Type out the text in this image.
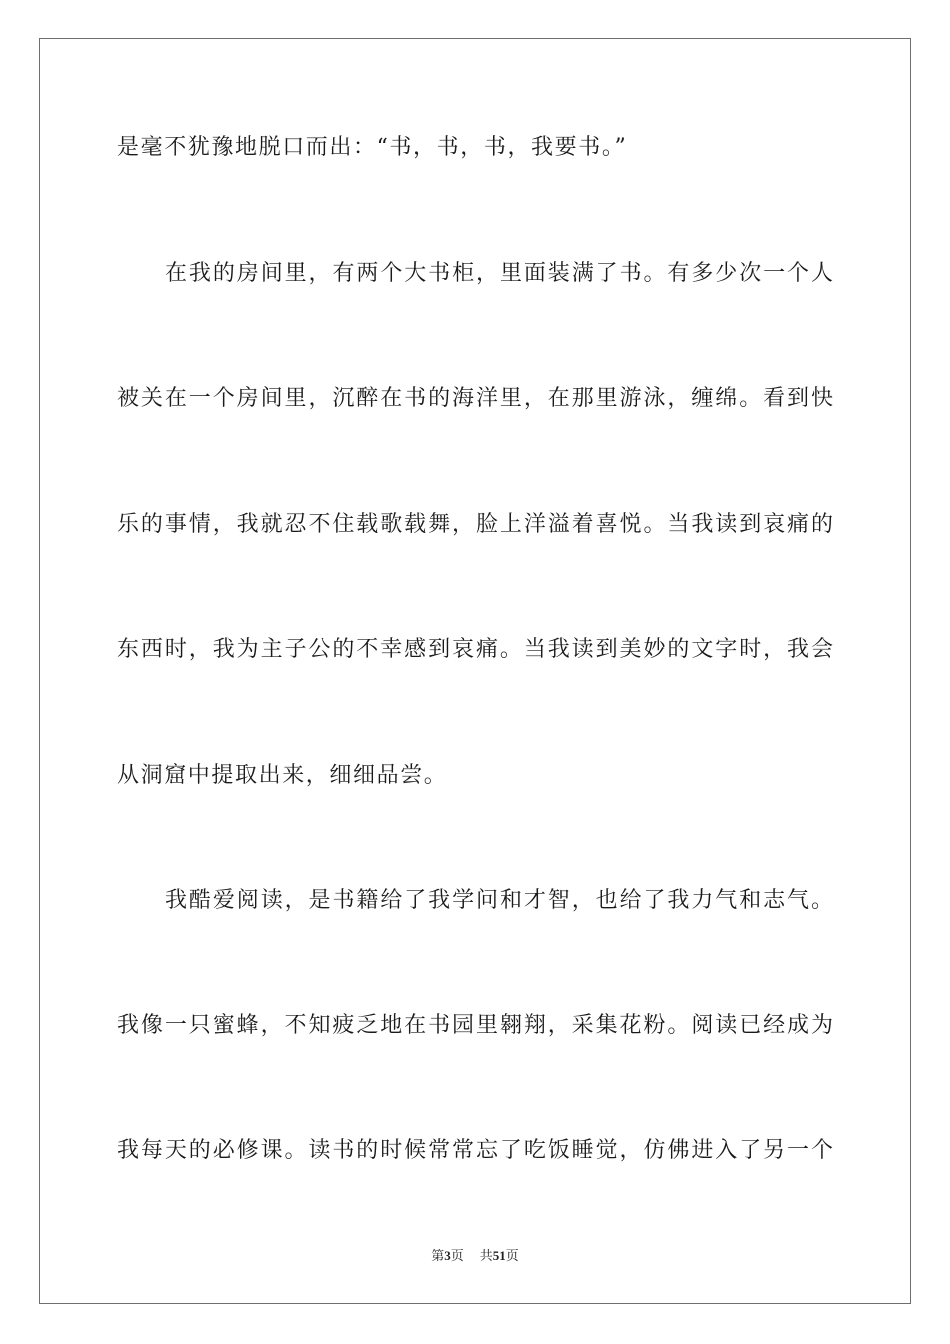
是毫不犹豫地脱口而出：“书，书，书，我要书。”
在我的房间里，有两个大书柜，里面装满了书。有多少次一个人
被关在一个房间里，沉醉在书的海洋里，在那里游泳，缠绵。看到快
乐的事情，我就忍不住载歌载舞，脸上洋溢着喜悦。当我读到哀痛的
东西时，我为主子公的不幸感到哀痛。当我读到美妙的文字时，我会
从洞窟中提取出来，细细品尝。
我酷爱阅读，是书籍给了我学问和才智，也给了我力气和志气。
我像一只蜜蜂，不知疲乏地在书园里翱翔，采集花粉。阅读已经成为
我每天的必修课。读书的时候常常忘了吃饭睡觉，仿佛进入了另一个
第3页 共51页
